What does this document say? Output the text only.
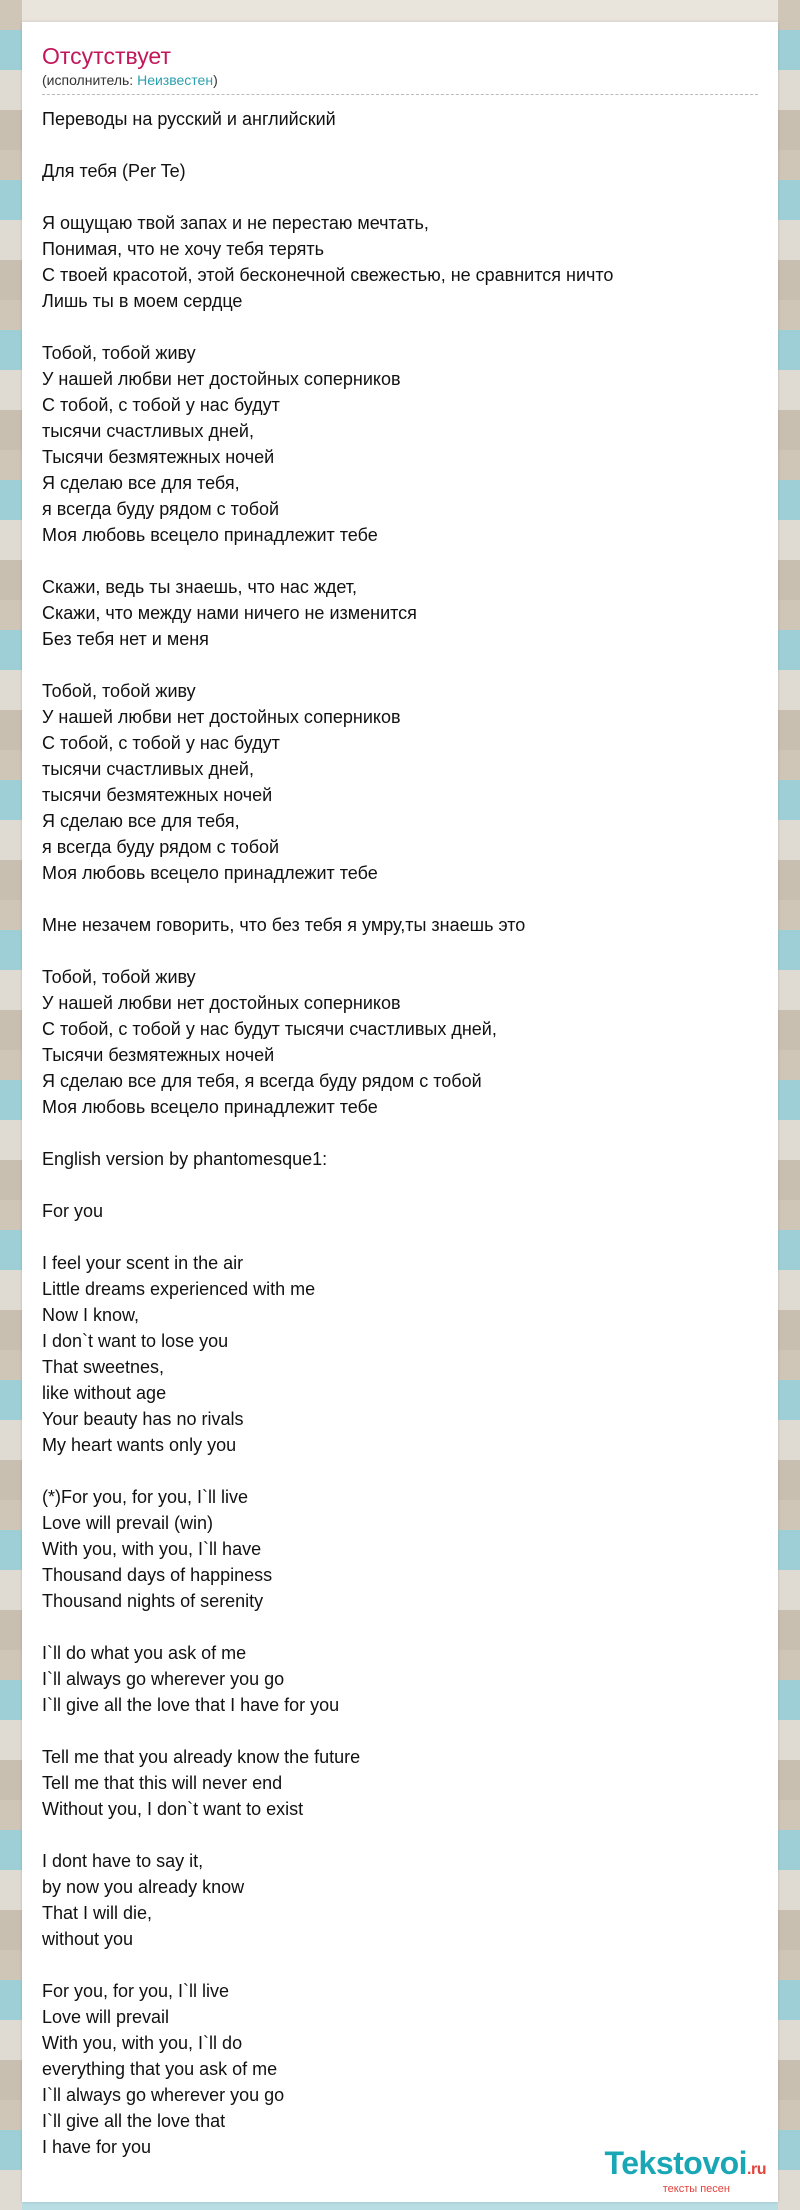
Отсутствует
(исполнитель: Неизвестен)
Переводы на русский и английский
Для тебя (Per Te)
Я ощущаю твой запах и не перестаю мечтать,
Понимая, что не хочу тебя терять
С твоей красотой, этой бесконечной свежестью, не сравнится ничто
Лишь ты в моем сердце
Тобой, тобой живу
У нашей любви нет достойных соперников
С тобой, с тобой у нас будут
тысячи счастливых дней,
Тысячи безмятежных ночей
Я сделаю все для тебя,
я всегда буду рядом с тобой
Моя любовь всецело принадлежит тебе
Скажи, ведь ты знаешь, что нас ждет,
Скажи, что между нами ничего не изменится
Без тебя нет и меня
Тобой, тобой живу
У нашей любви нет достойных соперников
С тобой, с тобой у нас будут
тысячи счастливых дней,
тысячи безмятежных ночей
Я сделаю все для тебя,
я всегда буду рядом с тобой
Моя любовь всецело принадлежит тебе
Мне незачем говорить, что без тебя я умру,ты знаешь это
Тобой, тобой живу
У нашей любви нет достойных соперников
С тобой, с тобой у нас будут тысячи счастливых дней,
Тысячи безмятежных ночей
Я сделаю все для тебя, я всегда буду рядом с тобой
Моя любовь всецело принадлежит тебе
English version by phantomesque1:
For you
I feel your scent in the air
Little dreams experienced with me
Now I know,
I don`t want to lose you
That sweetnes,
like without age
Your beauty has no rivals
My heart wants only you
(*)For you, for you, I`ll live
Love will prevail (win)
With you, with you, I`ll have
Thousand days of happiness
Thousand nights of serenity
I`ll do what you ask of me
I`ll always go wherever you go
I`ll give all the love that I have for you
Tell me that you already know the future
Tell me that this will never end
Without you, I don`t want to exist
I dont have to say it,
by now you already know
That I will die,
without you
For you, for you, I`ll live
Love will prevail
With you, with you, I`ll do
everything that you ask of me
I`ll always go wherever you go
I`ll give all the love that
I have for you	Tekstovoi.ru
тексты песен
